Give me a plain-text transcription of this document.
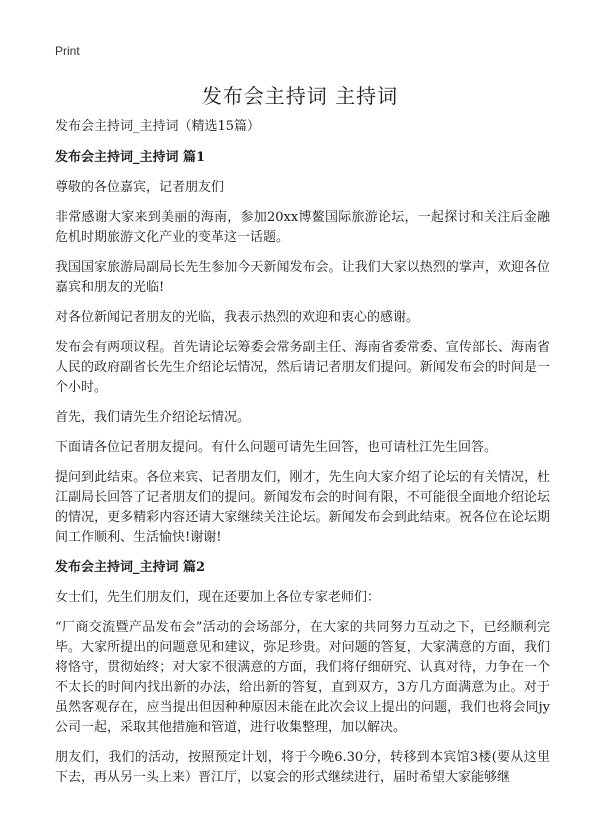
Print
发布会主持词 主持词

发布会主持词_主持词（精选15篇）

发布会主持词_主持词 篇1

尊敬的各位嘉宾，记者朋友们

非常感谢大家来到美丽的海南，参加20xx博鳌国际旅游论坛，一起探讨和关注后金融危机时期旅游文化产业的变革这一话题。

我国国家旅游局副局长先生参加今天新闻发布会。让我们大家以热烈的掌声，欢迎各位嘉宾和朋友的光临!

对各位新闻记者朋友的光临，我表示热烈的欢迎和衷心的感谢。

发布会有两项议程。首先请论坛筹委会常务副主任、海南省委常委、宣传部长、海南省人民的政府副省长先生介绍论坛情况，然后请记者朋友们提问。新闻发布会的时间是一个小时。

首先，我们请先生介绍论坛情况。

下面请各位记者朋友提问。有什么问题可请先生回答，也可请杜江先生回答。

提问到此结束。各位来宾、记者朋友们，刚才，先生向大家介绍了论坛的有关情况，杜江副局长回答了记者朋友们的提问。新闻发布会的时间有限，不可能很全面地介绍论坛的情况，更多精彩内容还请大家继续关注论坛。新闻发布会到此结束。祝各位在论坛期间工作顺利、生活愉快!谢谢!

发布会主持词_主持词 篇2

女士们，先生们朋友们，现在还要加上各位专家老师们：

“厂商交流暨产品发布会”活动的会场部分，在大家的共同努力互动之下，已经顺利完毕。大家所提出的问题意见和建议，弥足珍贵。对问题的答复，大家满意的方面，我们将恪守，贯彻始终；对大家不很满意的方面，我们将仔细研究、认真对待，力争在一个不太长的时间内找出新的办法，给出新的答复，直到双方，3方几方面满意为止。对于虽然客观存在，应当提出但因种种原因未能在此次会议上提出的问题，我们也将会同jy公司一起，采取其他措施和管道，进行收集整理，加以解决。

朋友们，我们的活动，按照预定计划，将于今晚6.30分，转移到本宾馆3楼(要从这里下去，再从另一头上来）晋江厅，以宴会的形式继续进行，届时希望大家能够继
